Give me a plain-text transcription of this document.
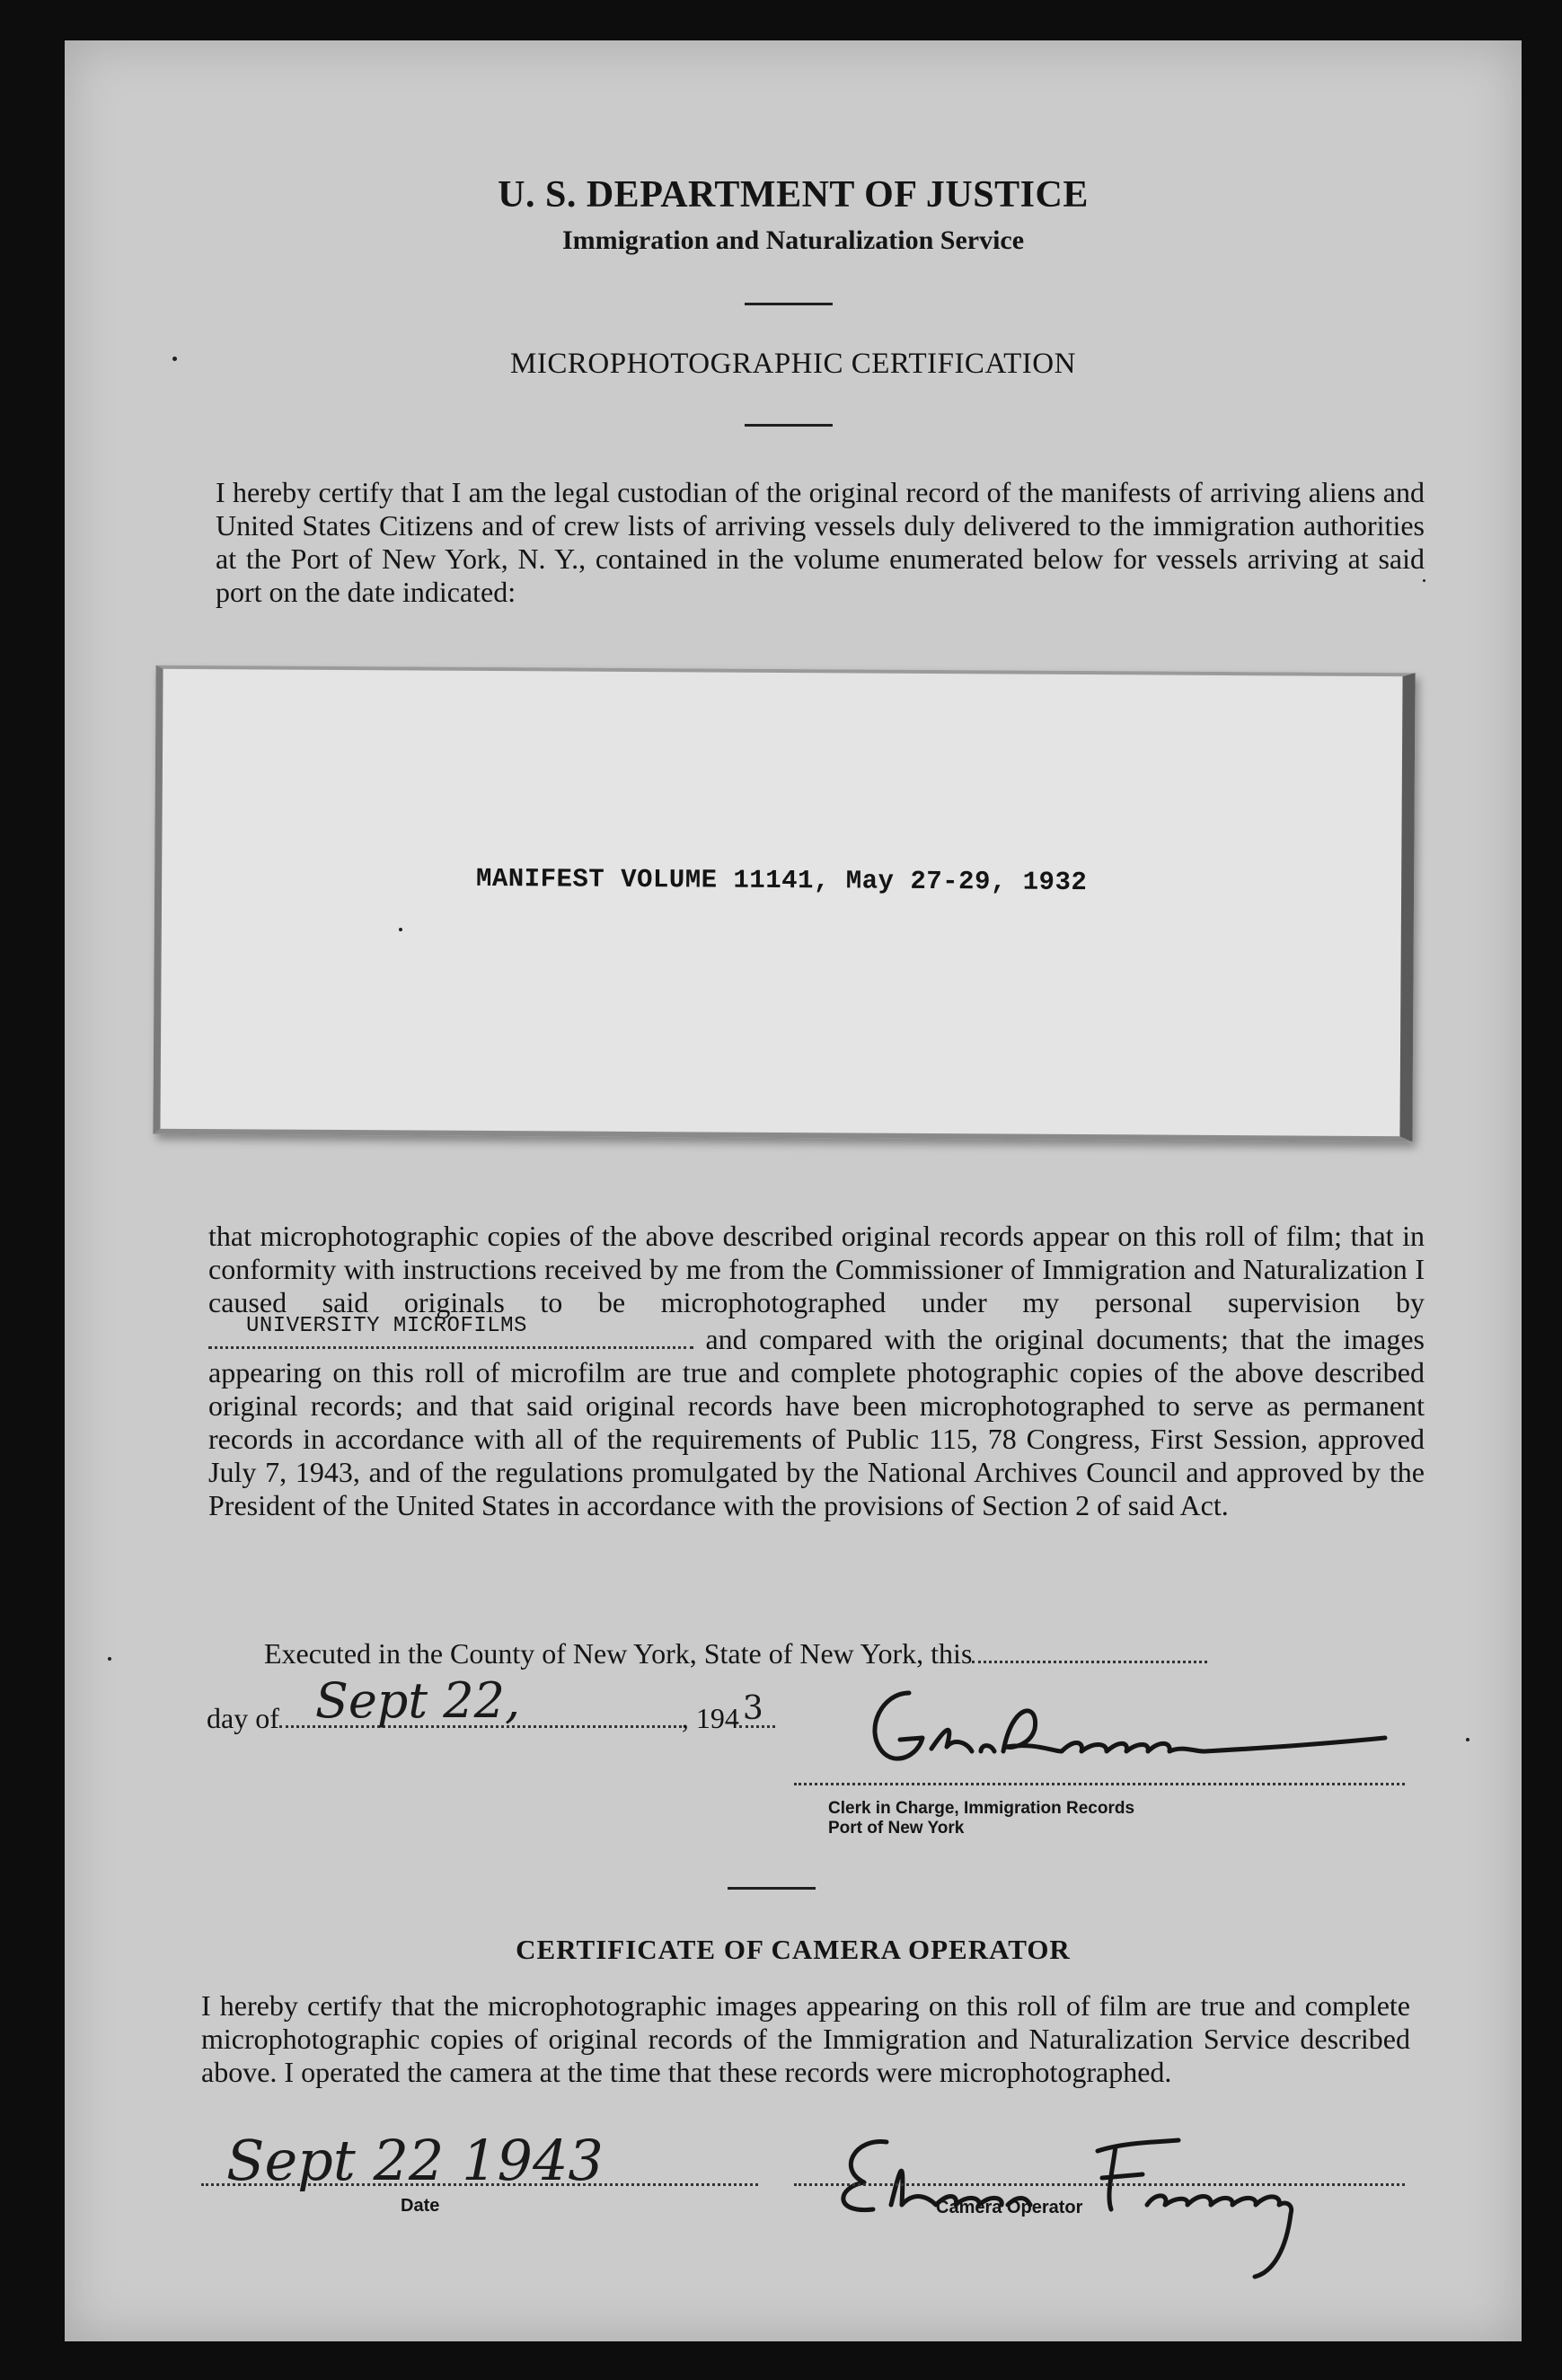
U. S. DEPARTMENT OF JUSTICE
Immigration and Naturalization Service
MICROPHOTOGRAPHIC CERTIFICATION
I hereby certify that I am the legal custodian of the original record of the manifests of arriving aliens and United States Citizens and of crew lists of arriving vessels duly delivered to the immigration authorities at the Port of New York, N. Y., contained in the volume enumerated below for vessels arriving at said port on the date indicated:
MANIFEST VOLUME 11141, May 27-29, 1932
that microphotographic copies of the above described original records appear on this roll of film; that in conformity with instructions received by me from the Commissioner of Immigration and Naturalization I caused said originals to be microphotographed under my personal supervision by
UNIVERSITY MICROFILMS	and compared with the original documents; that the images appearing on this roll of microfilm are true and complete photographic copies of the above described original records; and that said original records have been microphotographed to serve as permanent records in accordance with all of the requirements of Public 115, 78 Congress, First Session, approved July 7, 1943, and of the regulations promulgated by the National Archives Council and approved by the President of the United States in accordance with the provisions of Section 2 of said Act.
Executed in the County of New York, State of New York, this
day of Sept 22,	, 194 3
Clerk in Charge, Immigration Records
Port of New York
CERTIFICATE OF CAMERA OPERATOR
I hereby certify that the microphotographic images appearing on this roll of film are true and complete microphotographic copies of original records of the Immigration and Naturalization Service described above. I operated the camera at the time that these records were microphotographed.
Sept 22 1943
Date	Camera Operator
